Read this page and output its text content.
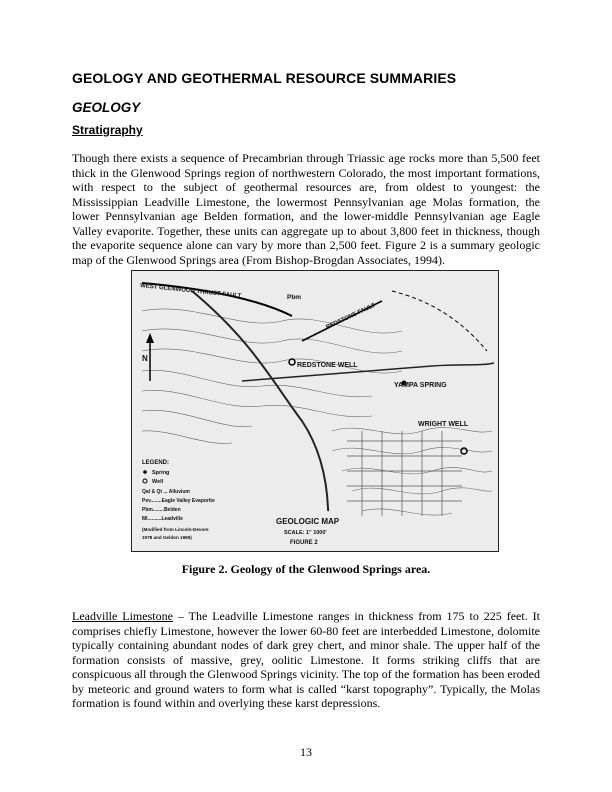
GEOLOGY AND GEOTHERMAL RESOURCE SUMMARIES
GEOLOGY
Stratigraphy

Though there exists a sequence of Precambrian through Triassic age rocks more than 5,500 feet thick in the Glenwood Springs region of northwestern Colorado, the most important formations, with respect to the subject of geothermal resources are, from oldest to youngest: the Mississippian Leadville Limestone, the lowermost Pennsylvanian age Molas formation, the lower Pennsylvanian age Belden formation, and the lower-middle Pennsylvanian age Eagle Valley evaporite. Together, these units can aggregate up to about 3,800 feet in thickness, though the evaporite sequence alone can vary by more than 2,500 feet. Figure 2 is a summary geologic map of the Glenwood Springs area (From Bishop-Brogdan Associates, 1994).

N
WEST GLENWOOD THRUST FAULT
REDSTONE FAULT
Pbm
REDSTONE WELL
YAMPA SPRING
WRIGHT WELL
LEGEND:
Spring
Well
Qal & Qt ... Alluvium
Pev........Eagle Valley Evaporite
Pbm........Belden
Ml..........Leadville
(Modified from Lincoln-Devore
1978 and Geldon 1989)
GEOLOGIC MAP
SCALE: 1" 1000'
FIGURE 2

Figure 2. Geology of the Glenwood Springs area.

Leadville Limestone – The Leadville Limestone ranges in thickness from 175 to 225 feet. It comprises chiefly Limestone, however the lower 60-80 feet are interbedded Limestone, dolomite typically containing abundant nodes of dark grey chert, and minor shale. The upper half of the formation consists of massive, grey, oolitic Limestone. It forms striking cliffs that are conspicuous all through the Glenwood Springs vicinity. The top of the formation has been eroded by meteoric and ground waters to form what is called “karst topography”. Typically, the Molas formation is found within and overlying these karst depressions.

13
